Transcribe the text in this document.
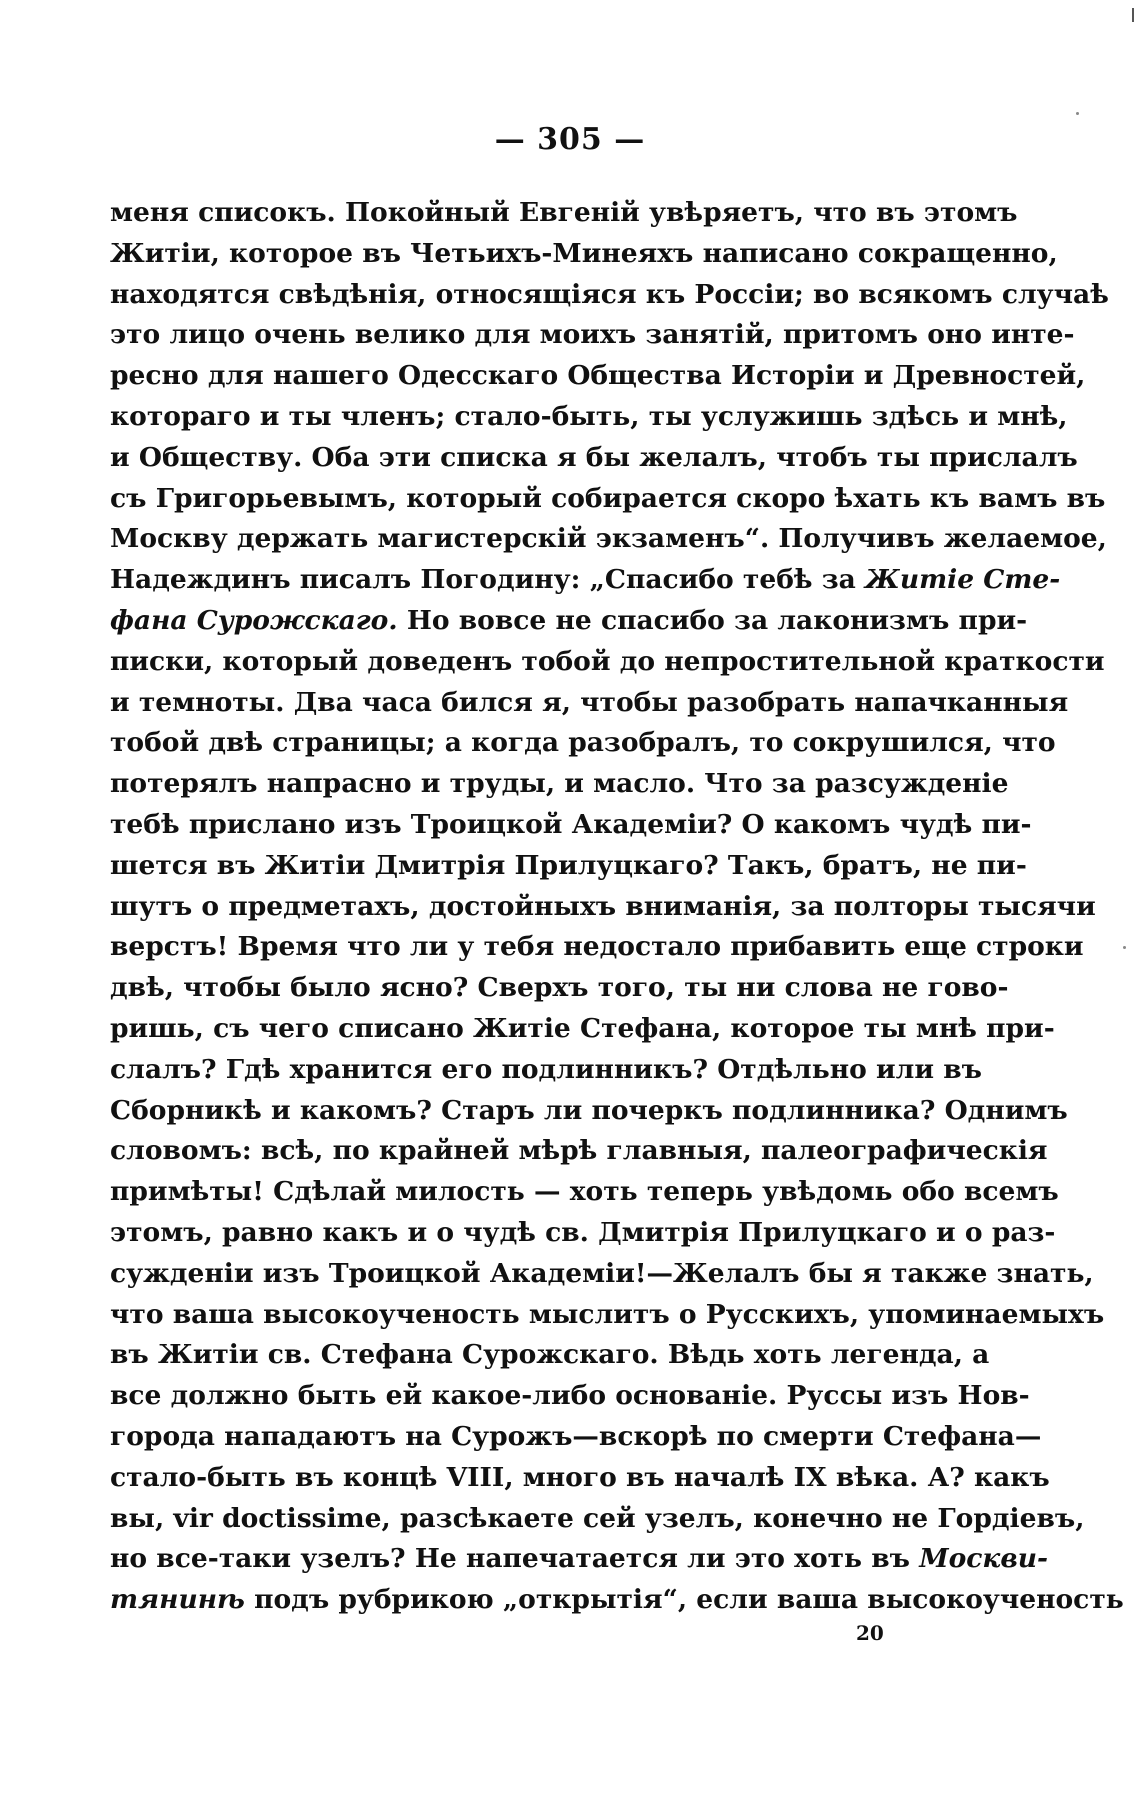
— 305 —
меня списокъ. Покойный Евгеній увѣряетъ, что въ этомъ
Житіи, которое въ Четьихъ-Минеяхъ написано сокращенно,
находятся свѣдѣнія, относящіяся къ Россіи; во всякомъ случаѣ
это лицо очень велико для моихъ занятій, притомъ оно инте-
ресно для нашего Одесскаго Общества Исторіи и Древностей,
котораго и ты членъ; стало-быть, ты услужишь здѣсь и мнѣ,
и Обществу. Оба эти списка я бы желалъ, чтобъ ты прислалъ
съ Григорьевымъ, который собирается скоро ѣхать къ вамъ въ
Москву держать магистерскій экзаменъ“. Получивъ желаемое,
Надеждинъ писалъ Погодину: „Спасибо тебѣ за Житіе Сте-
фана Сурожскаго. Но вовсе не спасибо за лаконизмъ при-
писки, который доведенъ тобой до непростительной краткости
и темноты. Два часа бился я, чтобы разобрать напачканныя
тобой двѣ страницы; а когда разобралъ, то сокрушился, что
потерялъ напрасно и труды, и масло. Что за разсужденіе
тебѣ прислано изъ Троицкой Академіи? О какомъ чудѣ пи-
шется въ Житіи Дмитрія Прилуцкаго? Такъ, братъ, не пи-
шутъ о предметахъ, достойныхъ вниманія, за полторы тысячи
верстъ! Время что ли у тебя недостало прибавить еще строки
двѣ, чтобы было ясно? Сверхъ того, ты ни слова не гово-
ришь, съ чего списано Житіе Стефана, которое ты мнѣ при-
слалъ? Гдѣ хранится его подлинникъ? Отдѣльно или въ
Сборникѣ и какомъ? Старъ ли почеркъ подлинника? Однимъ
словомъ: всѣ, по крайней мѣрѣ главныя, палеографическія
примѣты! Сдѣлай милость — хоть теперь увѣдомь обо всемъ
этомъ, равно какъ и о чудѣ св. Дмитрія Прилуцкаго и о раз-
сужденіи изъ Троицкой Академіи!—Желалъ бы я также знать,
что ваша высокоученость мыслитъ о Русскихъ, упоминаемыхъ
въ Житіи св. Стефана Сурожскаго. Вѣдь хоть легенда, а
все должно быть ей какое-либо основаніе. Руссы изъ Нов-
города нападаютъ на Сурожъ—вскорѣ по смерти Стефана—
стало-быть въ концѣ VIII, много въ началѣ IX вѣка. А? какъ
вы, vir doctissime, разсѣкаете сей узелъ, конечно не Гордіевъ,
но все-таки узелъ? Не напечатается ли это хоть въ Москви-
тянинѣ подъ рубрикою „открытія“, если ваша высокоученость
20
